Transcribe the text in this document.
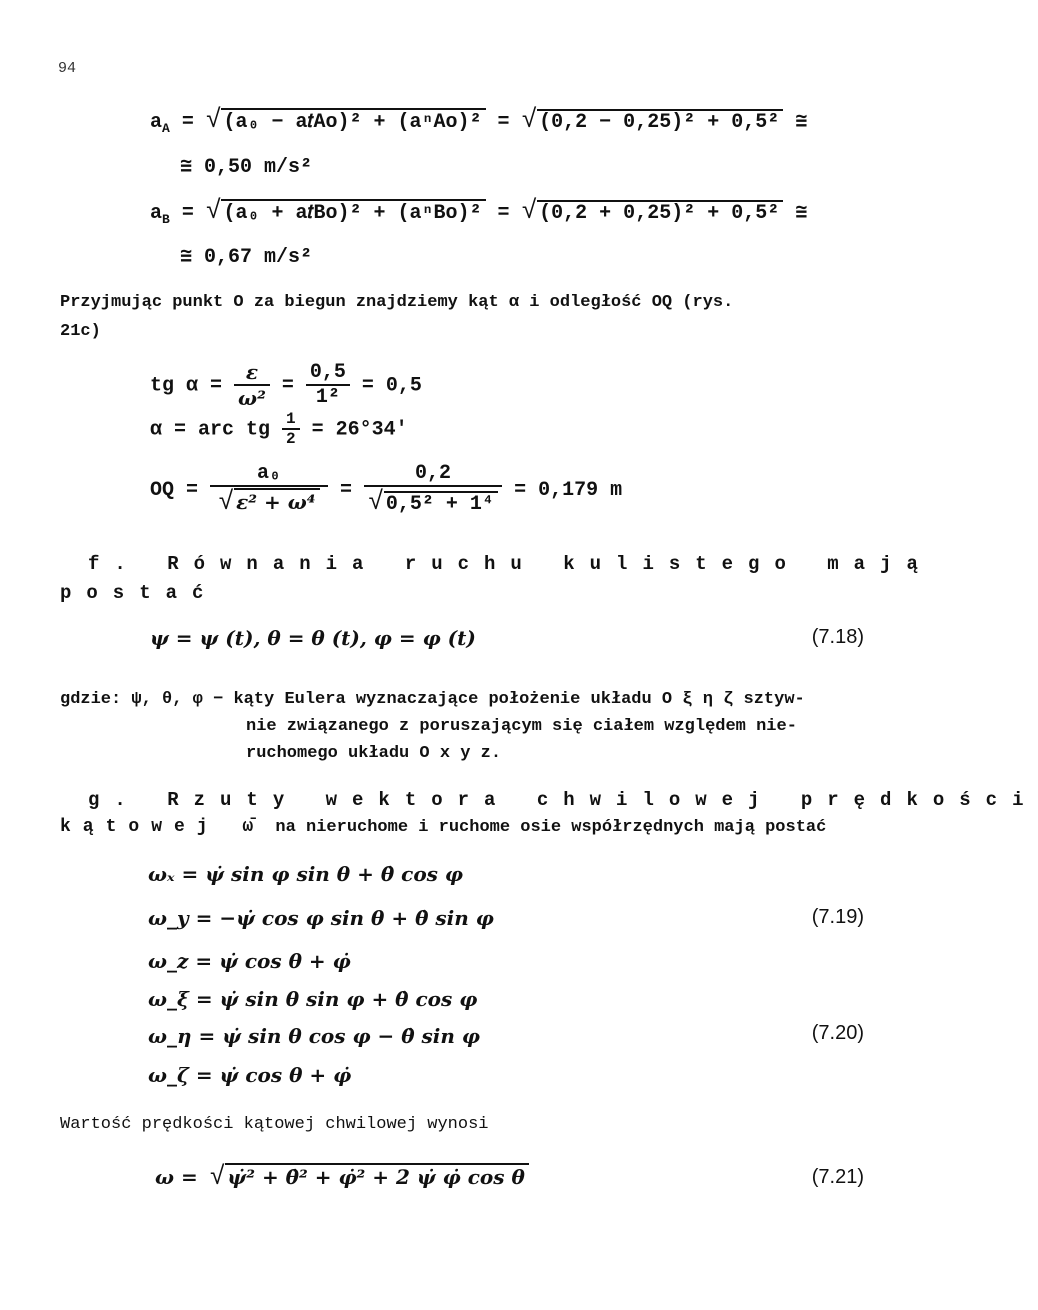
94
$a_A$ = √ (a₀ − a𝑡Ao)² + (aⁿAo)² = √ (0,2 − 0,25)² + 0,5² ≅
≅ 0,50 m/s²
$a_B$ = √ (a₀ + a𝑡Bo)² + (aⁿBo)² = √ (0,2 + 0,25)² + 0,5² ≅
≅ 0,67 m/s²
Przyjmując punkt O za biegun znajdziemy kąt α i odległość OQ (rys.
21c)
tg $\alpha = \frac{\varepsilon}{\text{ω²}} = \frac{0,5}{\text{1²}} = 0,5$
α = arc tg $\frac{1}{2} = 26^\circ 34'$
OQ = $\frac{\text{a₀}}{\text{√ ε² + ω⁴}} = \frac{0,2}{\text{√ 0,5² + 1⁴}} = 0,179$ m
f. Równania ruchu kulistego mają
postać
ψ = ψ (t), θ = θ (t), φ = φ (t)	(7.18)
gdzie: ψ, θ, φ − kąty Eulera wyznaczające położenie układu O ξ η ζ sztyw-
nie związanego z poruszającym się ciałem względem nie-
ruchomego układu O x y z.
g. Rzuty wektora chwilowej prędkości
kątowej ω̄ na nieruchome i ruchome osie współrzędnych mają postać
ωₓ = ψ̇ sin φ sin θ + θ̇ cos φ
ω_y = −ψ̇ cos φ sin θ + θ̇ sin φ
ω_z = ψ̇ cos θ + φ̇
(7.19)
ω_ξ = ψ̇ sin θ sin φ + θ̇ cos φ
ω_η = ψ̇ sin θ cos φ − θ̇ sin φ
ω_ζ = ψ̇ cos θ + φ̇
(7.20)
Wartość prędkości kątowej chwilowej wynosi
ω = √ ψ̇² + θ̇² + φ̇² + 2 ψ̇ φ̇ cos θ	(7.21)
